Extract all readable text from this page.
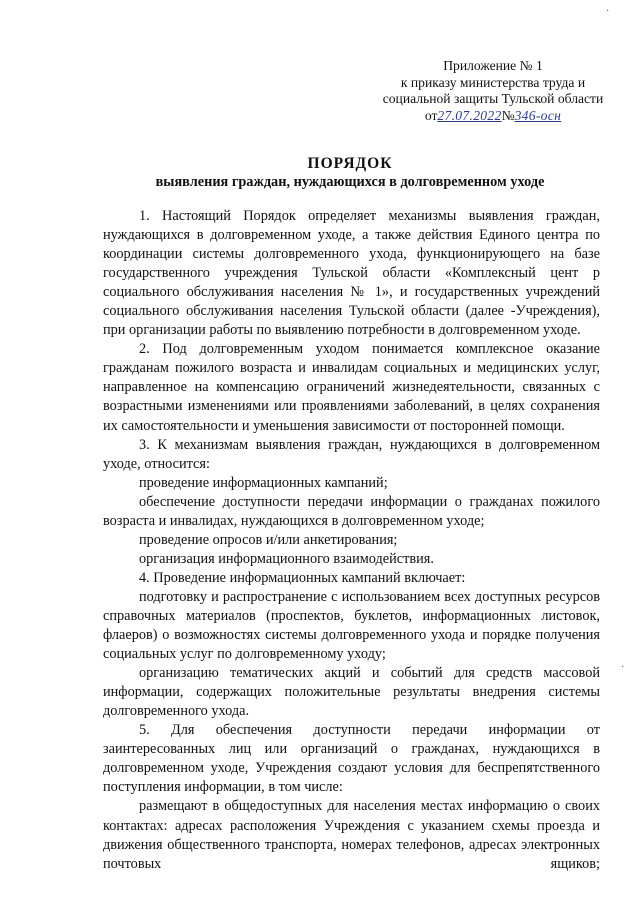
·
Приложение № 1
к приказу министерства труда и
социальной защиты Тульской области
от27.07.2022№346-осн
ПОРЯДОК
выявления граждан, нуждающихся в долговременном уходе

1. Настоящий Порядок определяет механизмы выявления граждан, нуждающихся в долговременном уходе, а также действия Единого центра по координации системы долговременного ухода, функционирующего на базе государственного учреждения Тульской области «Комплексный цент р социального обслуживания населения № 1», и государственных учреждений социального обслуживания населения Тульской области (далее -Учреждения), при организации работы по выявлению потребности в долговременном уходе.

2. Под долговременным уходом понимается комплексное оказание гражданам пожилого возраста и инвалидам социальных и медицинских услуг, направленное на компенсацию ограничений жизнедеятельности, связанных с возрастными изменениями или проявлениями заболеваний, в целях сохранения их самостоятельности и уменьшения зависимости от посторонней помощи.

3. К механизмам выявления граждан, нуждающихся в долговременном уходе, относится:

проведение информационных кампаний;

обеспечение доступности передачи информации о гражданах пожилого возраста и инвалидах, нуждающихся в долговременном уходе;

проведение опросов и/или анкетирования;

организация информационного взаимодействия.

4. Проведение информационных кампаний включает:

подготовку и распространение с использованием всех доступных ресурсов справочных материалов (проспектов, буклетов, информационных листовок, флаеров) о возможностях системы долговременного ухода и порядке получения социальных услуг по долговременному уходу;

организацию тематических акций и событий для средств массовой информации, содержащих положительные результаты внедрения системы долговременного ухода.

5. Для обеспечения доступности передачи информации от заинтересованных лиц или организаций о гражданах, нуждающихся в долговременном уходе, Учреждения создают условия для беспрепятственного поступления информации, в том числе:

размещают в общедоступных для населения местах информацию о своих контактах: адресах расположения Учреждения с указанием схемы проезда и движения общественного транспорта, номерах телефонов, адресах электронных почтовых ящиков;

·
